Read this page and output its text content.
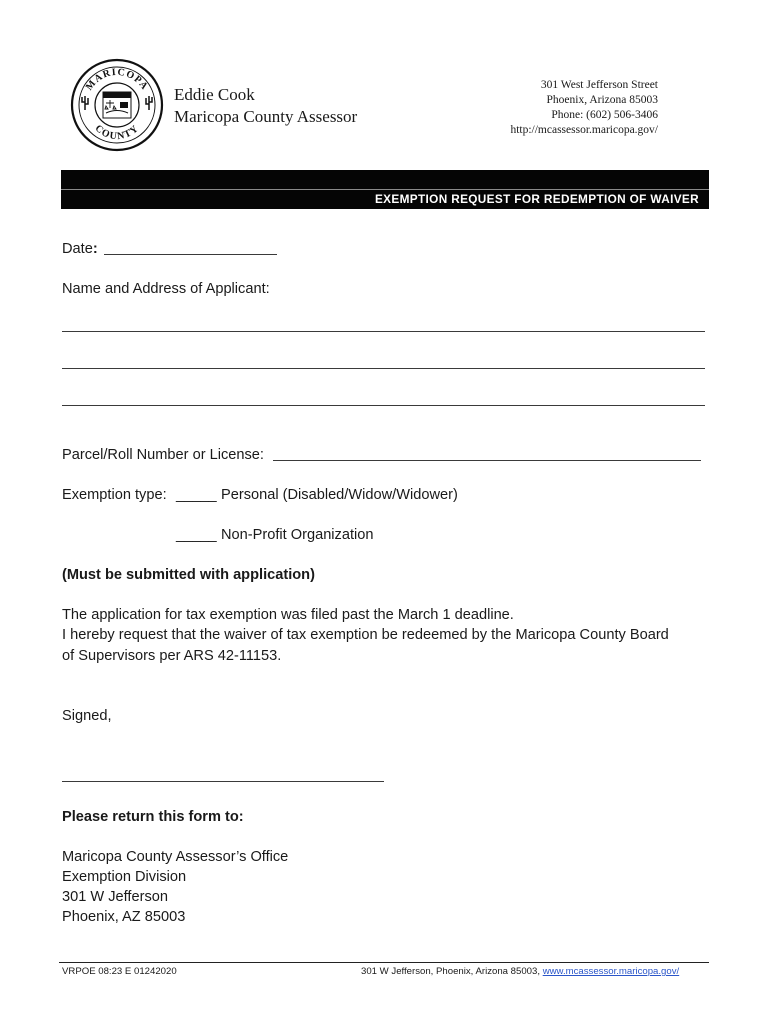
MARICOPA
COUNTY
Eddie Cook
Maricopa County Assessor
301 West Jefferson Street
Phoenix, Arizona 85003
Phone: (602) 506-3406
http://mcassessor.maricopa.gov/
EXEMPTION REQUEST FOR REDEMPTION OF WAIVER
Date:
Name and Address of Applicant:
Parcel/Roll Number or License:
Exemption type: _____ Personal (Disabled/Widow/Widower)
_____ Non-Profit Organization
(Must be submitted with application)
The application for tax exemption was filed past the March 1 deadline.
I hereby request that the waiver of tax exemption be redeemed by the Maricopa County Board
of Supervisors per ARS 42-11153.
Signed,
Please return this form to:
Maricopa County Assessor’s Office
Exemption Division
301 W Jefferson
Phoenix, AZ 85003
VRPOE 08:23 E 01242020	301 W Jefferson, Phoenix, Arizona 85003, www.mcassessor.maricopa.gov/
